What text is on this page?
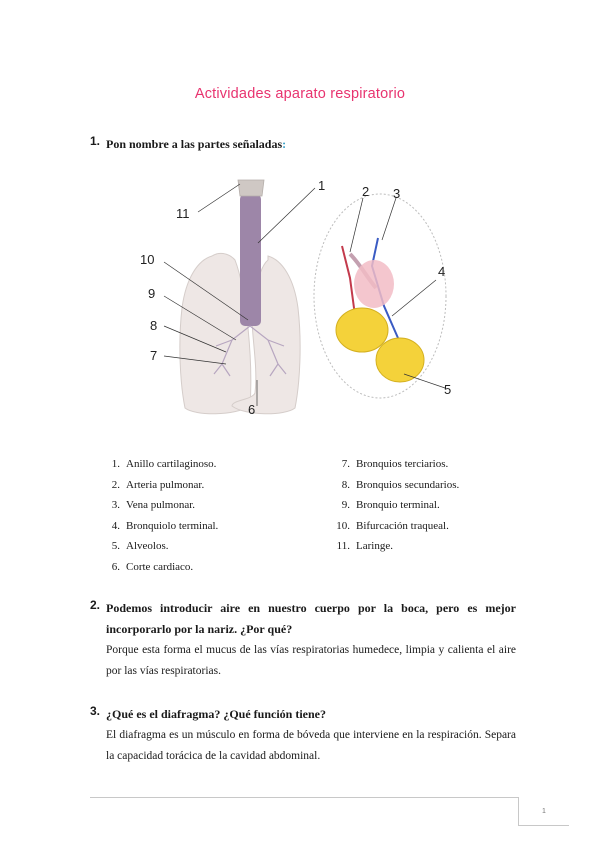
Actividades aparato respiratorio
1. Pon nombre a las partes señaladas:
1	2 3
4
5
6
7
8
9
10
11
1. Anillo cartilaginoso.
2. Arteria pulmonar.
3. Vena pulmonar.
4. Bronquiolo terminal.
5. Alveolos.
6. Corte cardiaco.
7. Bronquios terciarios.
8. Bronquios secundarios.
9. Bronquio terminal.
10. Bifurcación traqueal.
11. Laringe.
2. Podemos introducir aire en nuestro cuerpo por la boca, pero es mejor incorporarlo por la nariz. ¿Por qué?
Porque esta forma el mucus de las vías respiratorias humedece, limpia y calienta el aire por las vías respiratorias.
3. ¿Qué es el diafragma? ¿Qué función tiene?
El diafragma es un músculo en forma de bóveda que interviene en la respiración. Separa la capacidad torácica de la cavidad abdominal.
1
